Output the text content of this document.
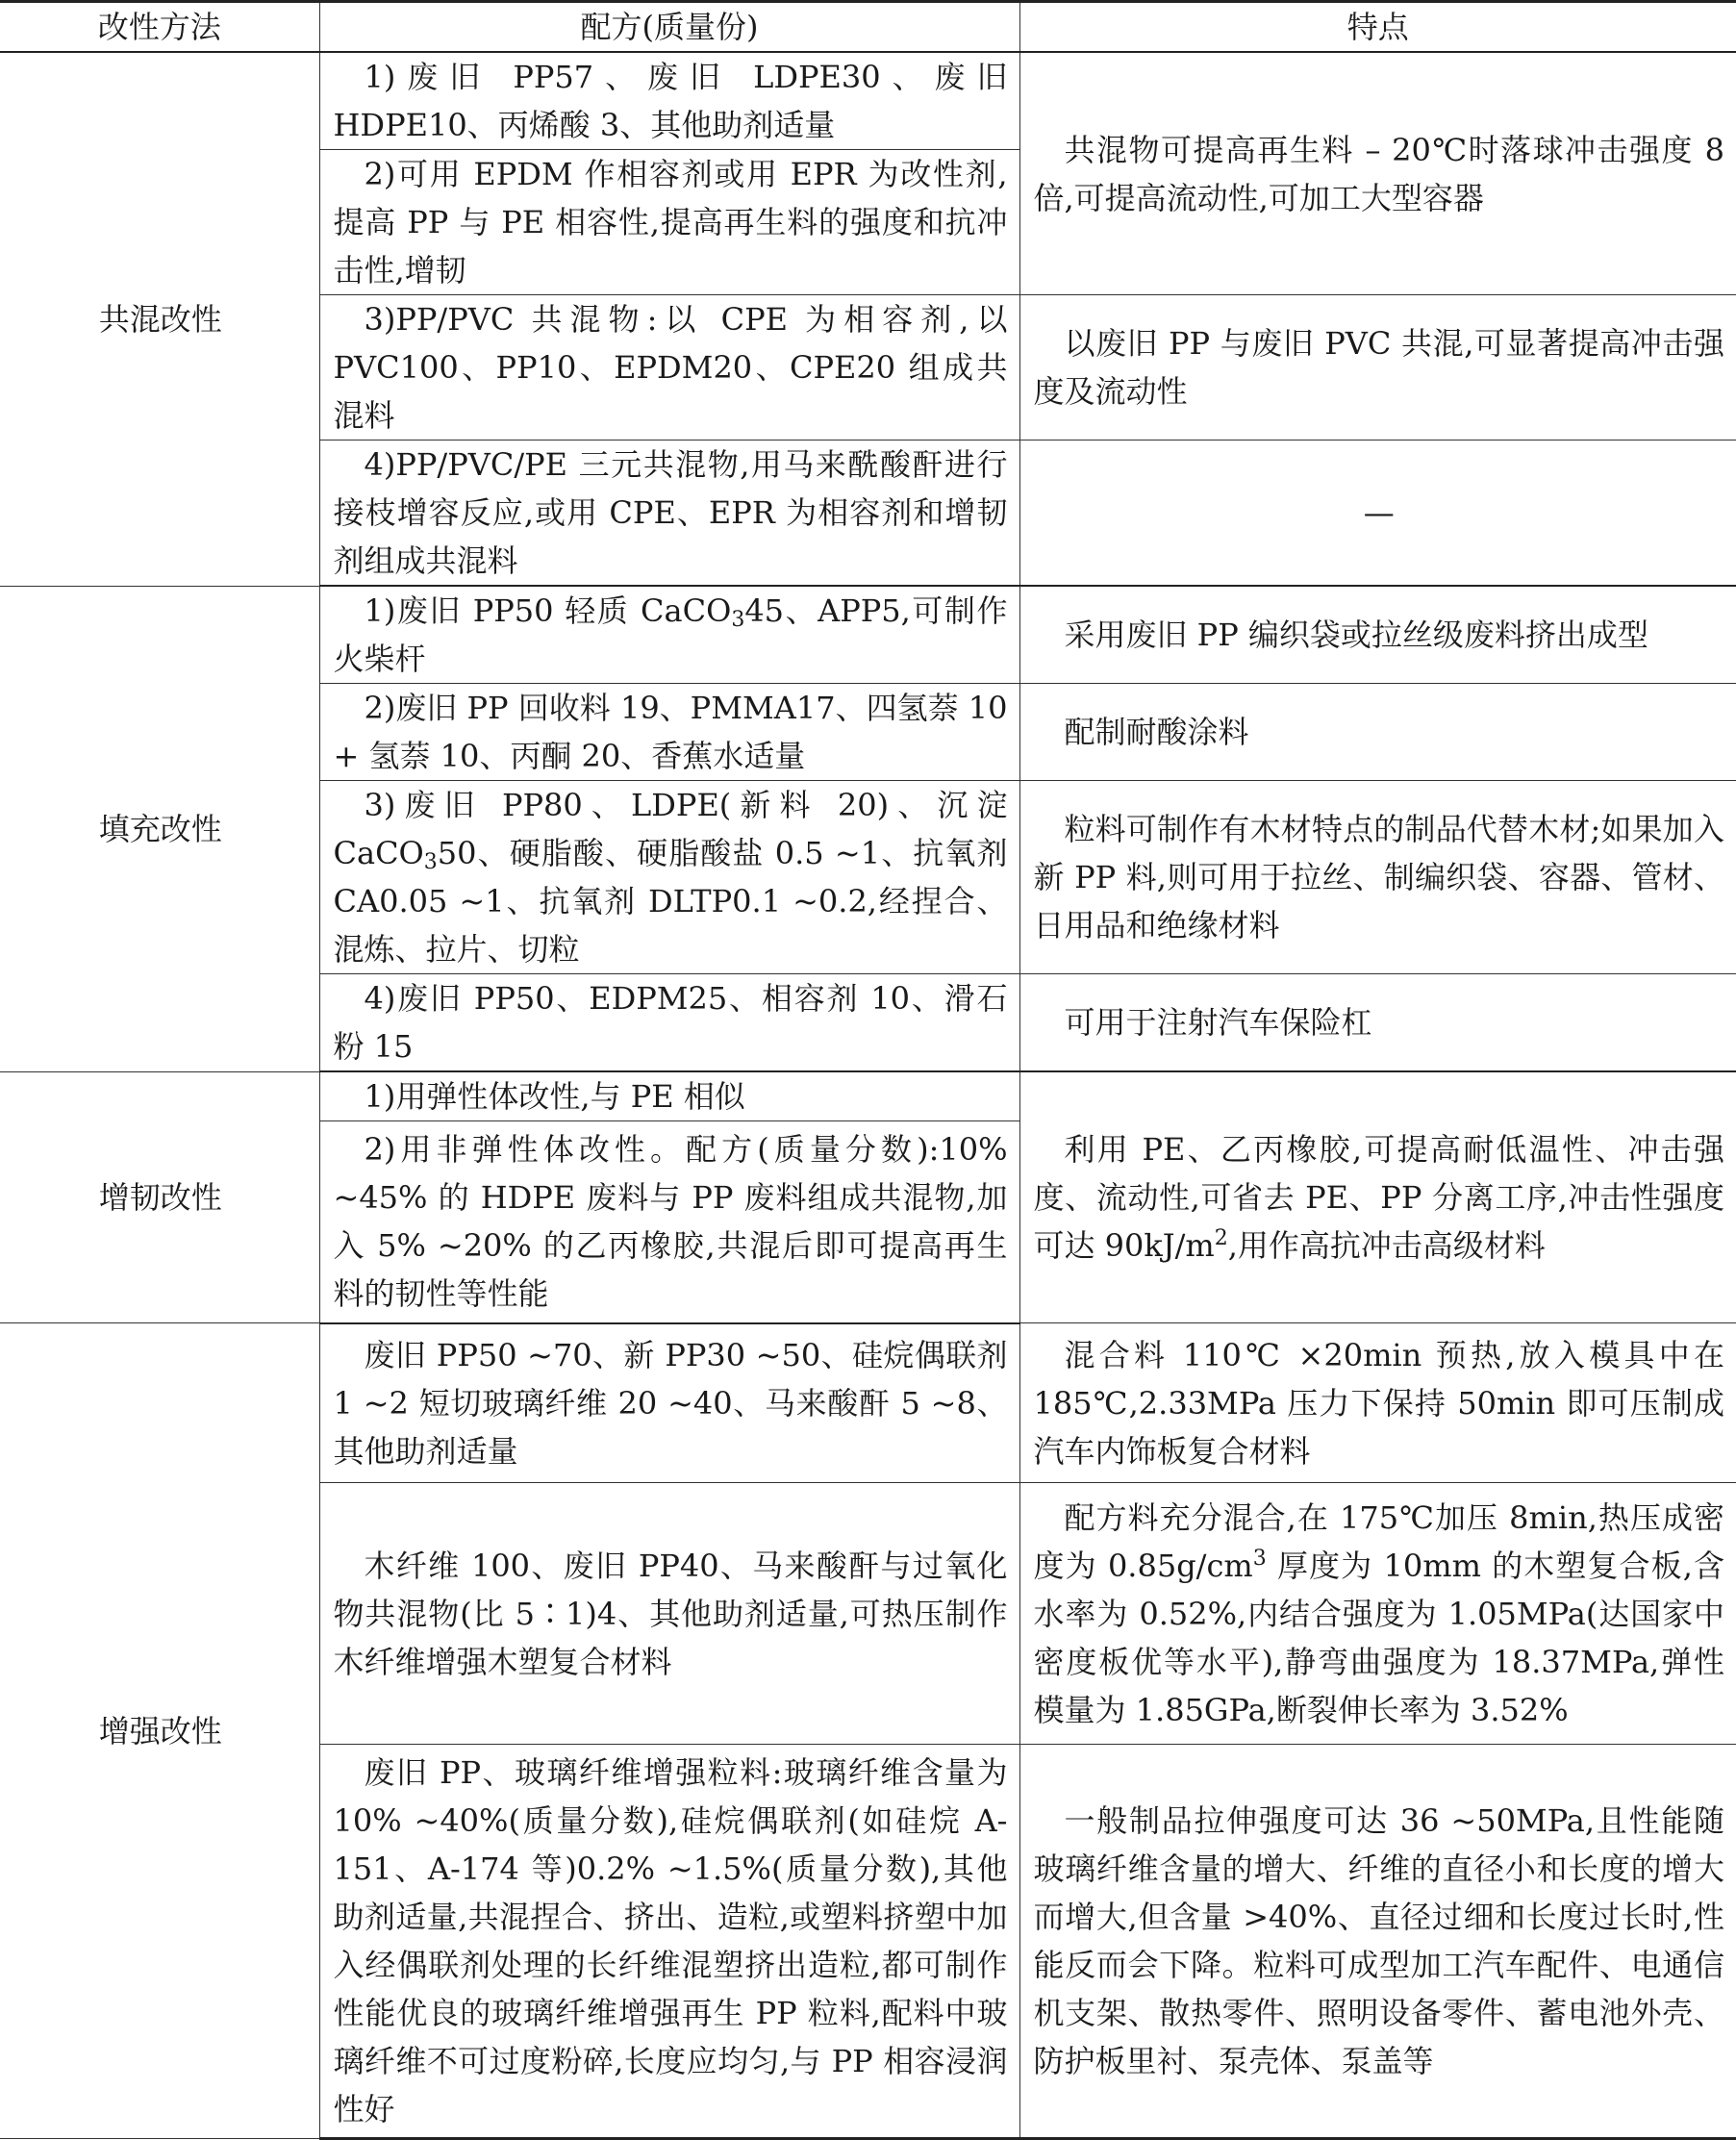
改性方法	配方(质量份)	特点
共混改性	1)废旧 PP57、废旧 LDPE30、废旧 HDPE10、丙烯酸 3、其他助剂适量	共混物可提高再生料 – 20℃时落球冲击强度 8 倍,可提高流动性,可加工大型容器
	2)可用 EPDM 作相容剂或用 EPR 为改性剂,提高 PP 与 PE 相容性,提高再生料的强度和抗冲击性,增韧	
	3)PP/PVC 共混物:以 CPE 为相容剂,以 PVC100、PP10、EPDM20、CPE20 组成共混料	以废旧 PP 与废旧 PVC 共混,可显著提高冲击强度及流动性
	4)PP/PVC/PE 三元共混物,用马来酰酸酐进行接枝增容反应,或用 CPE、EPR 为相容剂和增韧剂组成共混料	—
填充改性	1)废旧 PP50 轻质 CaCO$_3$45、APP5,可制作火柴杆	采用废旧 PP 编织袋或拉丝级废料挤出成型
	2)废旧 PP 回收料 19、PMMA17、四氢萘 10 + 氢萘 10、丙酮 20、香蕉水适量	配制耐酸涂料
	3)废旧 PP80、LDPE(新料 20)、沉淀 CaCO$_3$50、硬脂酸、硬脂酸盐 0.5 ~1、抗氧剂 CA0.05 ~1、抗氧剂 DLTP0.1 ~0.2,经捏合、混炼、拉片、切粒	粒料可制作有木材特点的制品代替木材;如果加入新 PP 料,则可用于拉丝、制编织袋、容器、管材、日用品和绝缘材料
	4)废旧 PP50、EDPM25、相容剂 10、滑石粉 15	可用于注射汽车保险杠
增韧改性	1)用弹性体改性,与 PE 相似	利用 PE、乙丙橡胶,可提高耐低温性、冲击强度、流动性,可省去 PE、PP 分离工序,冲击性强度可达 $90kJ/m^2$,用作高抗冲击高级材料
	2)用非弹性体改性。配方(质量分数):10% ~45% 的 HDPE 废料与 PP 废料组成共混物,加入 5% ~20% 的乙丙橡胶,共混后即可提高再生料的韧性等性能	
增强改性	废旧 PP50 ~70、新 PP30 ~50、硅烷偶联剂 1 ~2 短切玻璃纤维 20 ~40、马来酸酐 5 ~8、其他助剂适量	混合料 110℃ ×20min 预热,放入模具中在 185℃,2.33MPa 压力下保持 50min 即可压制成汽车内饰板复合材料
	木纤维 100、废旧 PP40、马来酸酐与过氧化物共混物(比 5∶1)4、其他助剂适量,可热压制作木纤维增强木塑复合材料	配方料充分混合,在 175℃加压 8min,热压成密度为 $0.85g/cm^3$ 厚度为 10mm 的木塑复合板,含水率为 0.52%,内结合强度为 1.05MPa(达国家中密度板优等水平),静弯曲强度为 18.37MPa,弹性模量为 1.85GPa,断裂伸长率为 3.52%
	废旧 PP、玻璃纤维增强粒料:玻璃纤维含量为 10% ~40%(质量分数),硅烷偶联剂(如硅烷 A-151、A-174 等)0.2% ~1.5%(质量分数),其他助剂适量,共混捏合、挤出、造粒,或塑料挤塑中加入经偶联剂处理的长纤维混塑挤出造粒,都可制作性能优良的玻璃纤维增强再生 PP 粒料,配料中玻璃纤维不可过度粉碎,长度应均匀,与 PP 相容浸润性好	一般制品拉伸强度可达 36 ~50MPa,且性能随玻璃纤维含量的增大、纤维的直径小和长度的增大而增大,但含量 >40%、直径过细和长度过长时,性能反而会下降。粒料可成型加工汽车配件、电通信机支架、散热零件、照明设备零件、蓄电池外壳、防护板里衬、泵壳体、泵盖等
